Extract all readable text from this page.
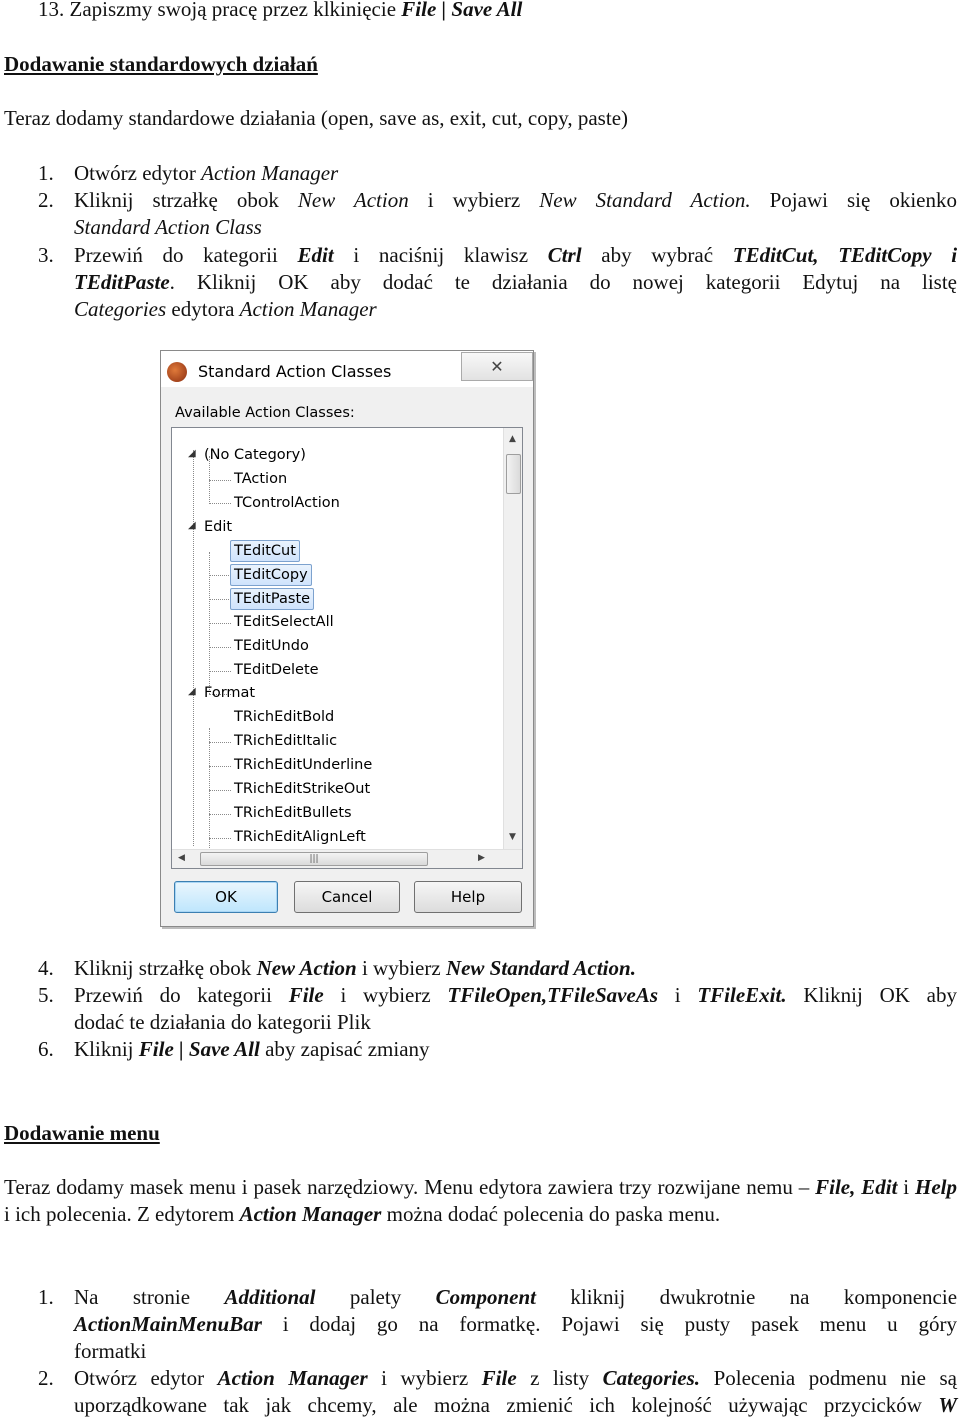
13. Zapiszmy swoją pracę przez klkinięcie File | Save All
Dodawanie standardowych działań
Teraz dodamy standardowe działania (open, save as, exit, cut, copy, paste)
1. Otwórz edytor Action Manager
2. Kliknij strzałkę obok New Action i wybierz New Standard Action. Pojawi się okienko
Standard Action Class
3. Przewiń do kategorii Edit i naciśnij klawisz Ctrl aby wybrać TEditCut, TEditCopy i
TEditPaste. Kliknij OK aby dodać te działania do nowej kategorii Edytuj na listę
Categories edytora Action Manager
Standard Action Classes	✕
Available Action Classes:
◢ (No Category)
TAction
TControlAction
◢ Edit
TEditCut
TEditCopy
TEditPaste
TEditSelectAll
TEditUndo
TEditDelete
◢ Format
TRichEditBold
TRichEditItalic
TRichEditUnderline
TRichEditStrikeOut
TRichEditBullets
TRichEditAlignLeft
▲
▼
◀	|||	▶
OK	Cancel	Help
4. Kliknij strzałkę obok New Action i wybierz New Standard Action.
5. Przewiń do kategorii File i wybierz TFileOpen,TFileSaveAs i TFileExit. Kliknij OK aby
dodać te działania do kategorii Plik
6. Kliknij File | Save All aby zapisać zmiany
Dodawanie menu
Teraz dodamy masek menu i pasek narzędziowy. Menu edytora zawiera trzy rozwijane nemu – File, Edit i Help i ich polecenia. Z edytorem Action Manager można dodać polecenia do paska menu.
1. Na stronie Additional palety Component kliknij dwukrotnie na komponencie
ActionMainMenuBar i dodaj go na formatkę. Pojawi się pusty pasek menu u góry
formatki
2. Otwórz edytor Action Manager i wybierz File z listy Categories. Polecenia podmenu nie są
uporządkowane tak jak chcemy, ale można zmienić ich kolejność używając przycicków W
